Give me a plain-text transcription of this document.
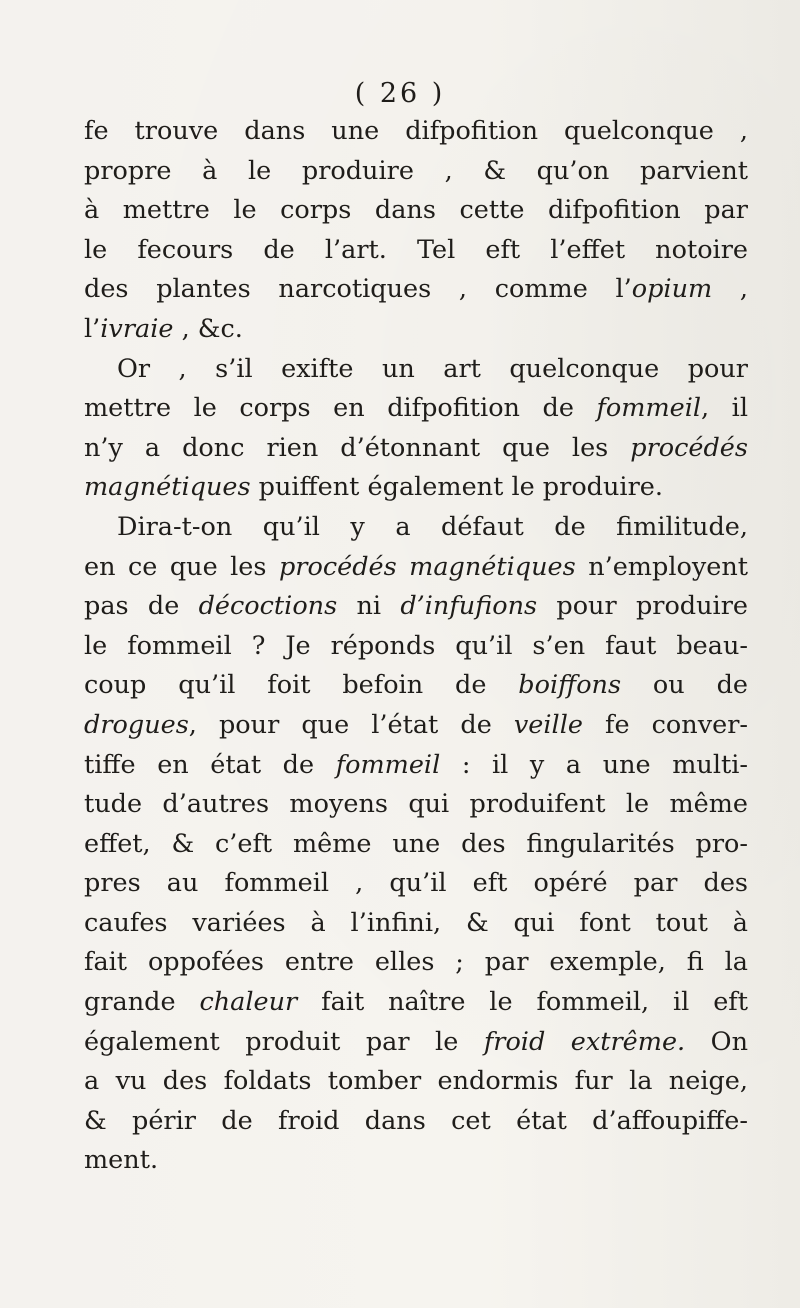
( 26 )
fe trouve dans une difpofition quelconque ,
propre à le produire , & qu’on parvient
à mettre le corps dans cette difpofition par
le fecours de l’art. Tel eft l’effet notoire
des plantes narcotiques , comme l’opium ,
l’ivraie , &c.
Or , s’il exifte un art quelconque pour
mettre le corps en difpofition de fommeil, il
n’y a donc rien d’étonnant que les procédés
magnétiques puiffent également le produire.
Dira-t-on qu’il y a défaut de fimilitude,
en ce que les procédés magnétiques n’employent
pas de décoctions ni d’infufions pour produire
le fommeil ? Je réponds qu’il s’en faut beau-
coup qu’il foit befoin de boiffons ou de
drogues, pour que l’état de veille fe conver-
tiffe en état de fommeil : il y a une multi-
tude d’autres moyens qui produifent le même
effet, & c’eft même une des fingularités pro-
pres au fommeil , qu’il eft opéré par des
caufes variées à l’infini, & qui font tout à
fait oppofées entre elles ; par exemple, fi la
grande chaleur fait naître le fommeil, il eft
également produit par le froid extrême. On
a vu des foldats tomber endormis fur la neige,
& périr de froid dans cet état d’affoupiffe-
ment.
